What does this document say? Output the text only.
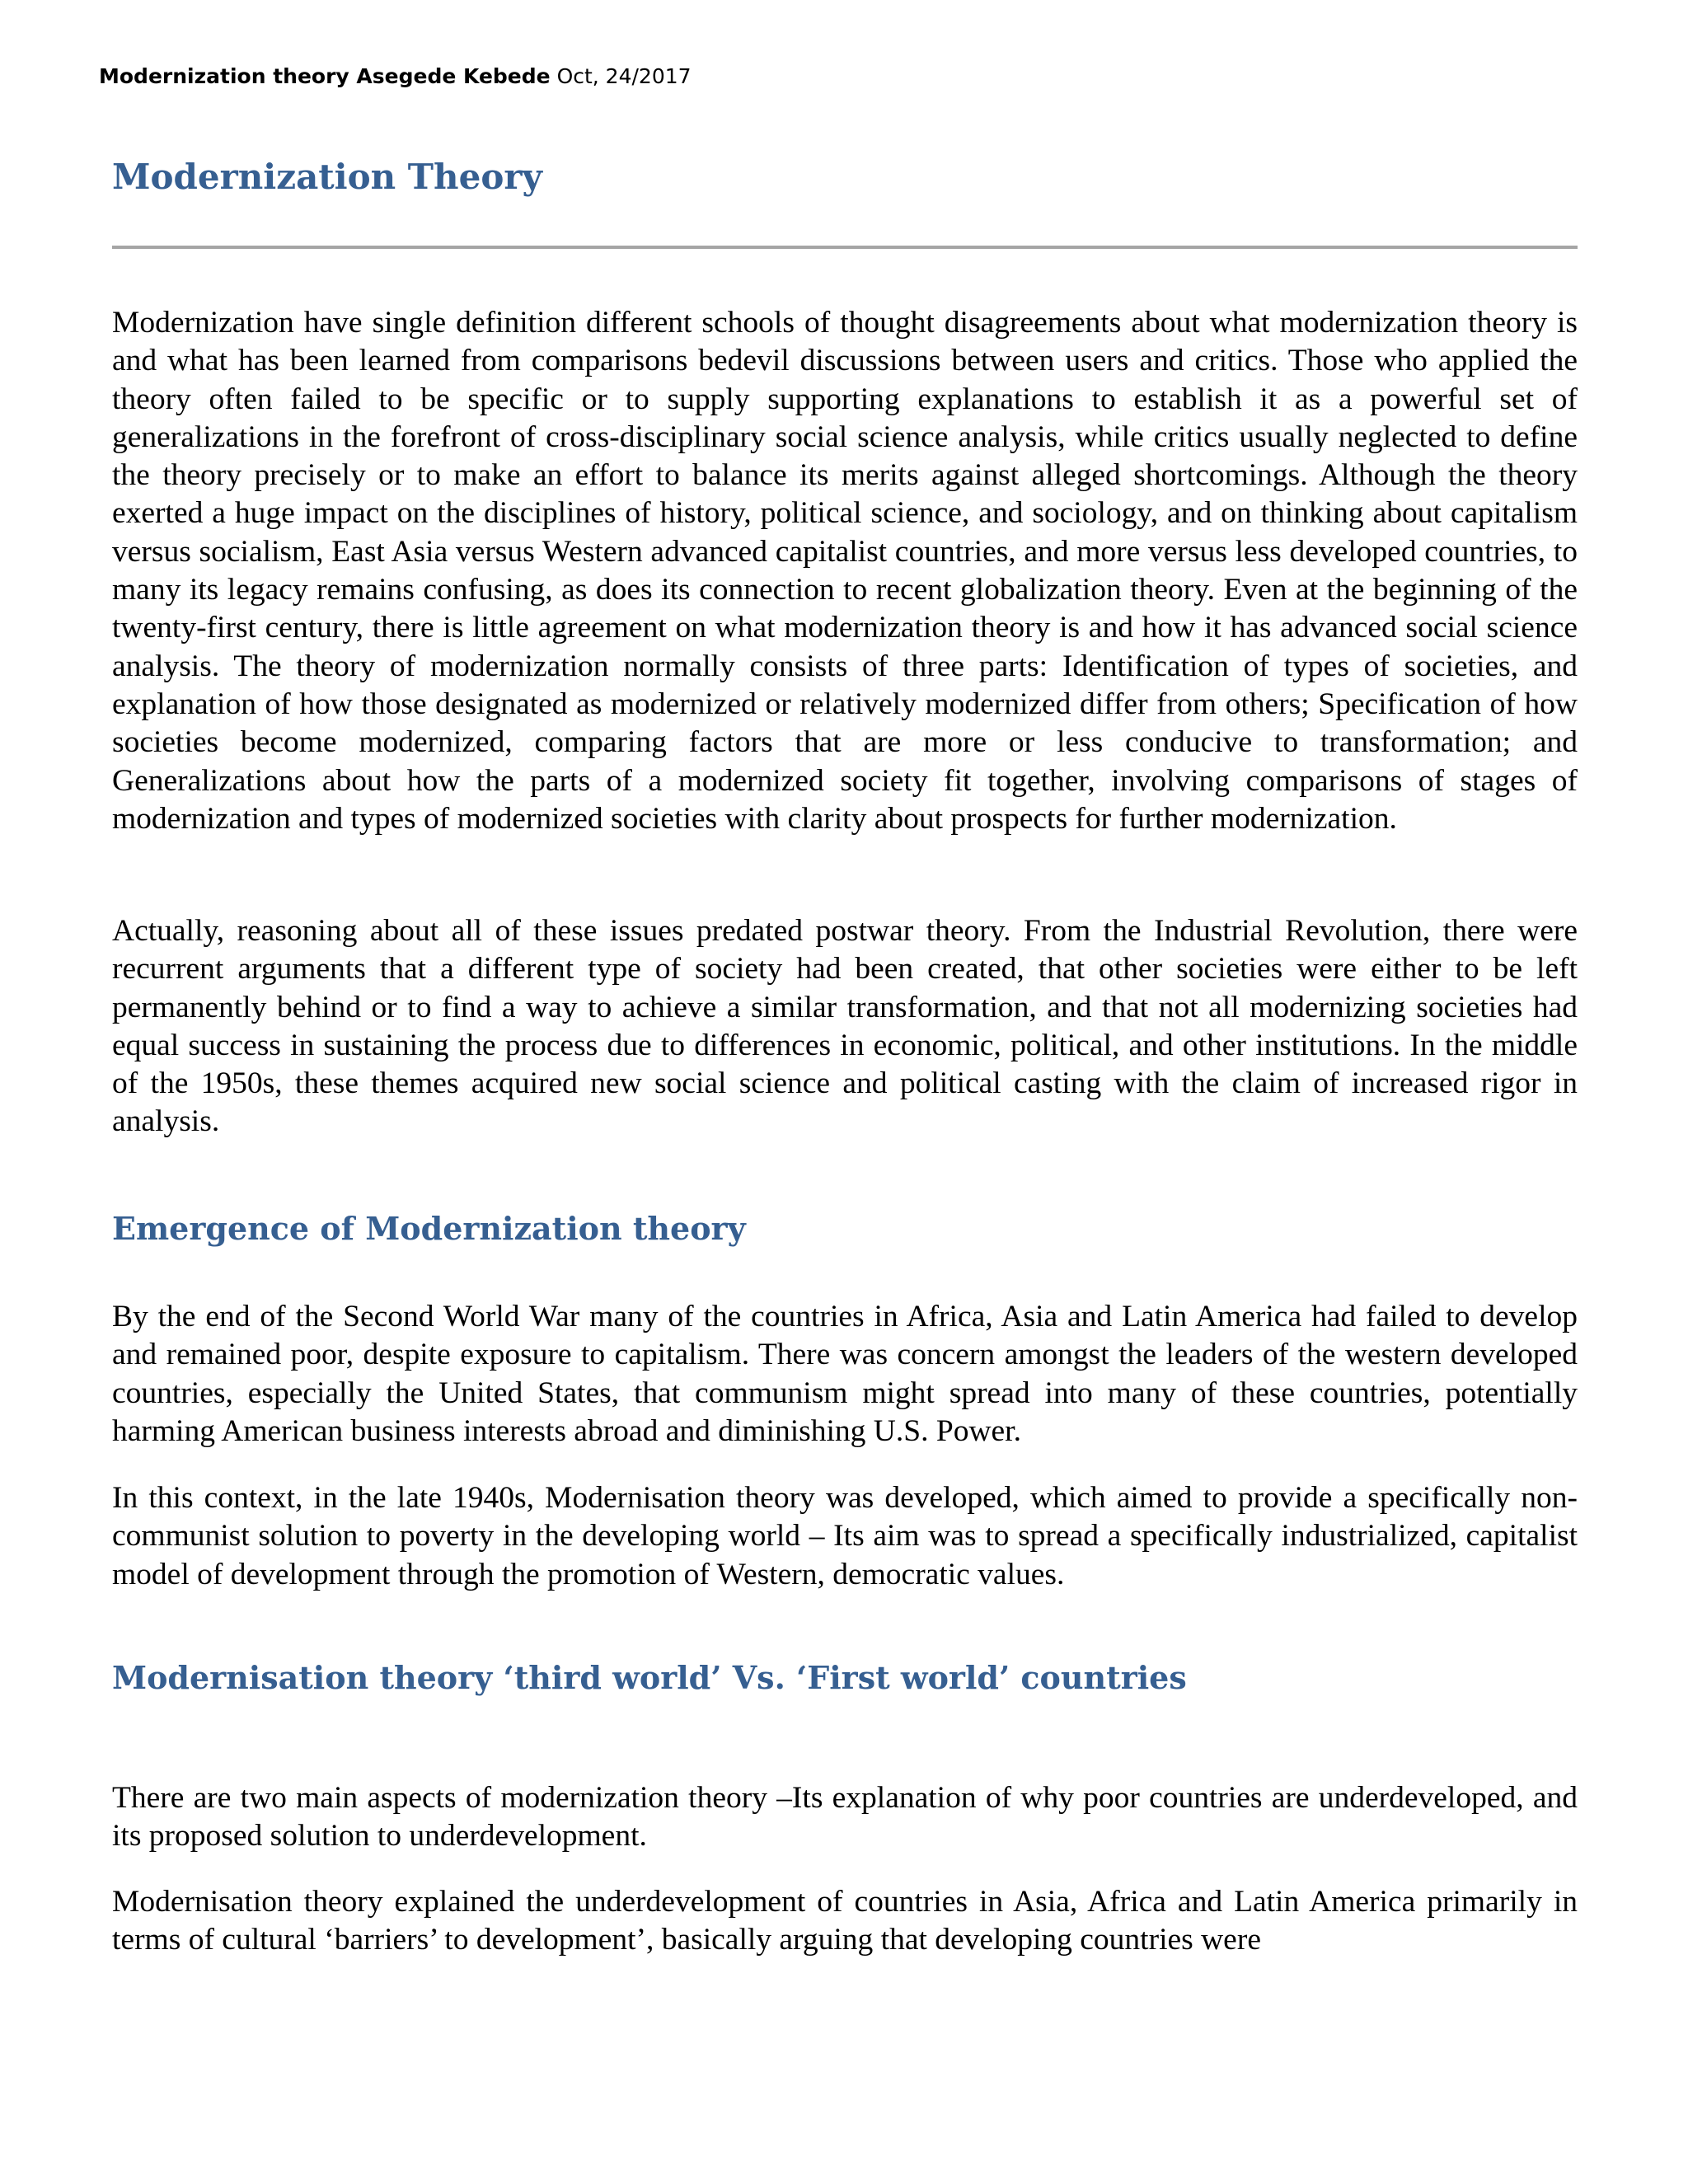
Modernization theory Asegede Kebede Oct, 24/2017
Modernization Theory

Modernization have single definition different schools of thought disagreements about what modernization theory is and what has been learned from comparisons bedevil discussions between users and critics. Those who applied the theory often failed to be specific or to supply supporting explanations to establish it as a powerful set of generalizations in the forefront of cross-disciplinary social science analysis, while critics usually neglected to define the theory precisely or to make an effort to balance its merits against alleged shortcomings. Although the theory exerted a huge impact on the disciplines of history, political science, and sociology, and on thinking about capitalism versus socialism, East Asia versus Western advanced capitalist countries, and more versus less developed countries, to many its legacy remains confusing, as does its connection to recent globalization theory. Even at the beginning of the twenty-first century, there is little agreement on what modernization theory is and how it has advanced social science analysis. The theory of modernization normally consists of three parts: Identification of types of societies, and explanation of how those designated as modernized or relatively modernized differ from others; Specification of how societies become modernized, comparing factors that are more or less conducive to transformation; and Generalizations about how the parts of a modernized society fit together, involving comparisons of stages of modernization and types of modernized societies with clarity about prospects for further modernization.

Actually, reasoning about all of these issues predated postwar theory. From the Industrial Revolution, there were recurrent arguments that a different type of society had been created, that other societies were either to be left permanently behind or to find a way to achieve a similar transformation, and that not all modernizing societies had equal success in sustaining the process due to differences in economic, political, and other institutions. In the middle of the 1950s, these themes acquired new social science and political casting with the claim of increased rigor in analysis.

Emergence of Modernization theory

By the end of the Second World War many of the countries in Africa, Asia and Latin America had failed to develop and remained poor, despite exposure to capitalism. There was concern amongst the leaders of the western developed countries, especially the United States, that communism might spread into many of these countries, potentially harming American business interests abroad and diminishing U.S. Power.

In this context, in the late 1940s, Modernisation theory was developed, which aimed to provide a specifically non-communist solution to poverty in the developing world – Its aim was to spread a specifically industrialized, capitalist model of development through the promotion of Western, democratic values.

Modernisation theory ‘third world’ Vs. ‘First world’ countries

There are two main aspects of modernization theory –Its explanation of why poor countries are underdeveloped, and its proposed solution to underdevelopment.

Modernisation theory explained the underdevelopment of countries in Asia, Africa and Latin America primarily in terms of cultural ‘barriers’ to development’, basically arguing that developing countries were
